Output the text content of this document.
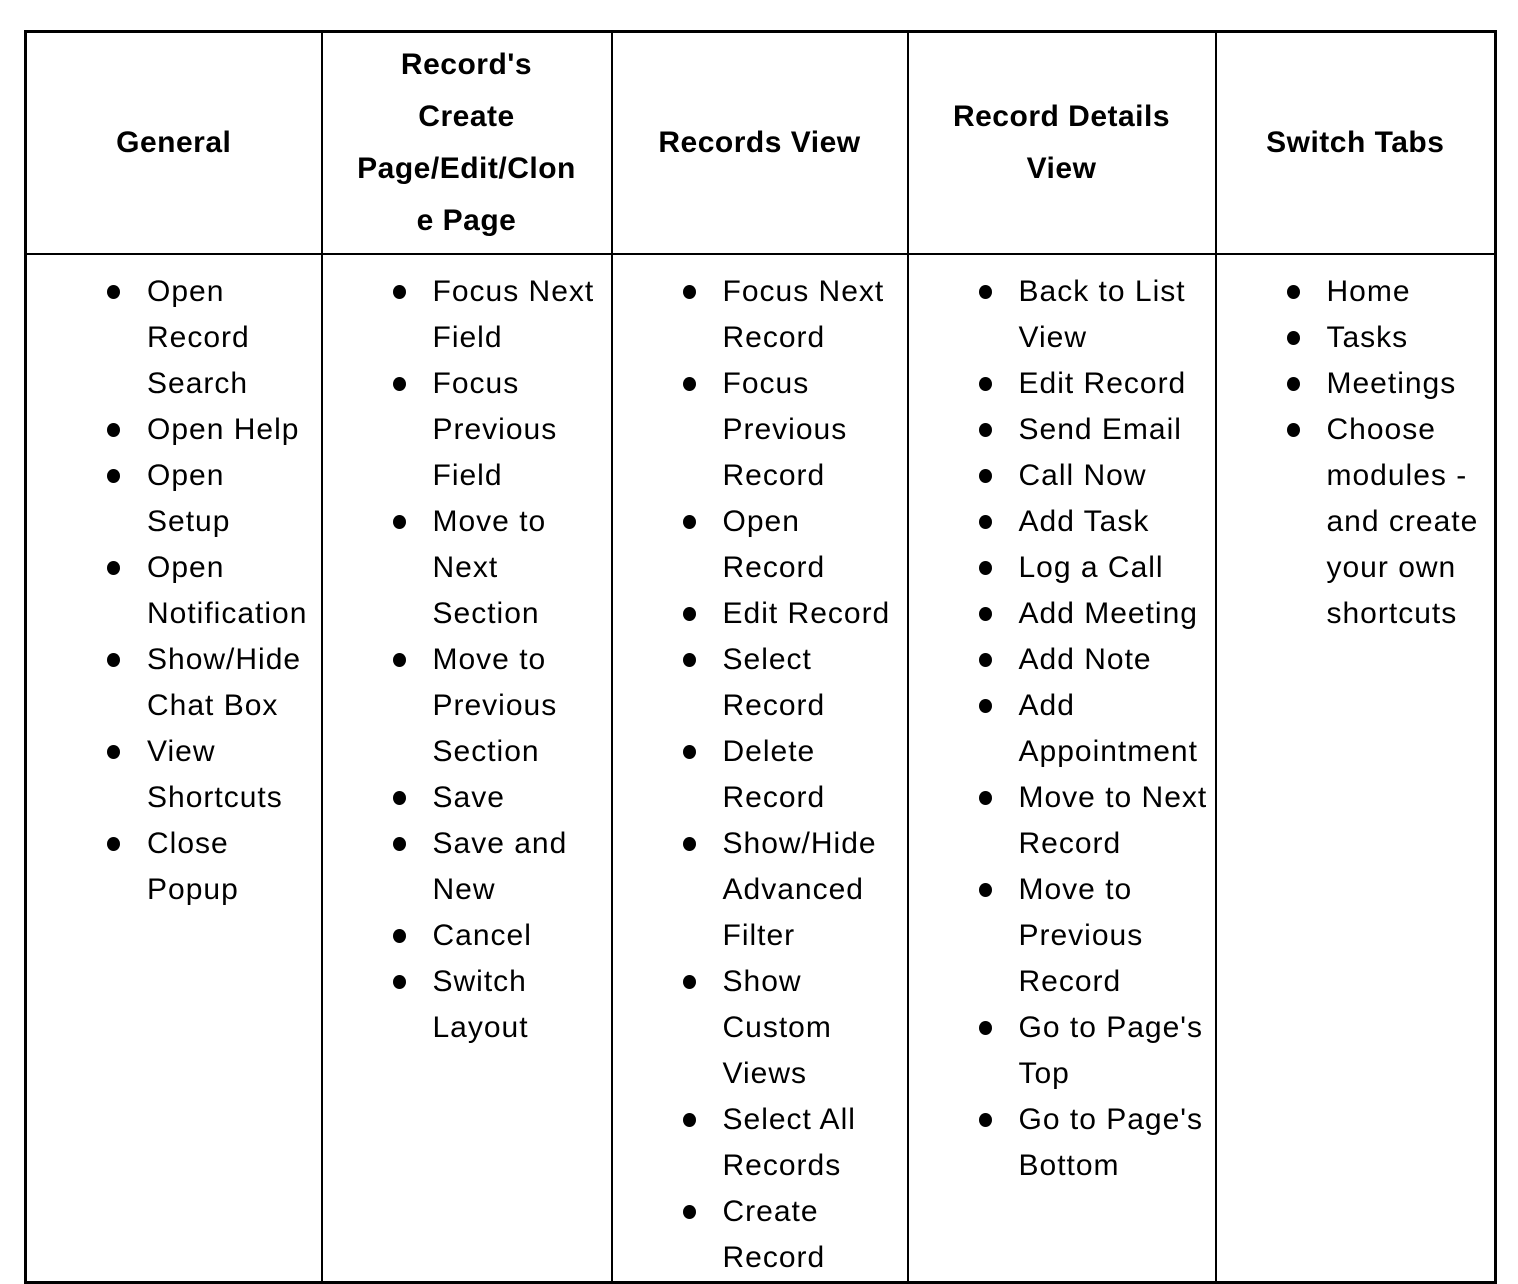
General	Record's Create Page/Edit/Clone Page	Records View	Record Details View	Switch Tabs

Open Record Search
Open Help
Open Setup
Open Notification
Show/Hide Chat Box
View Shortcuts
Close Popup

Focus Next Field
Focus Previous Field
Move to Next Section
Move to Previous Section
Save
Save and New
Cancel
Switch Layout

Focus Next Record
Focus Previous Record
Open Record
Edit Record
Select Record
Delete Record
Show/Hide Advanced Filter
Show Custom Views
Select All Records
Create Record

Back to List View
Edit Record
Send Email
Call Now
Add Task
Log a Call
Add Meeting
Add Note
Add Appointment
Move to Next Record
Move to Previous Record
Go to Page's Top
Go to Page's Bottom

Home
Tasks
Meetings
Choose modules - and create your own shortcuts
